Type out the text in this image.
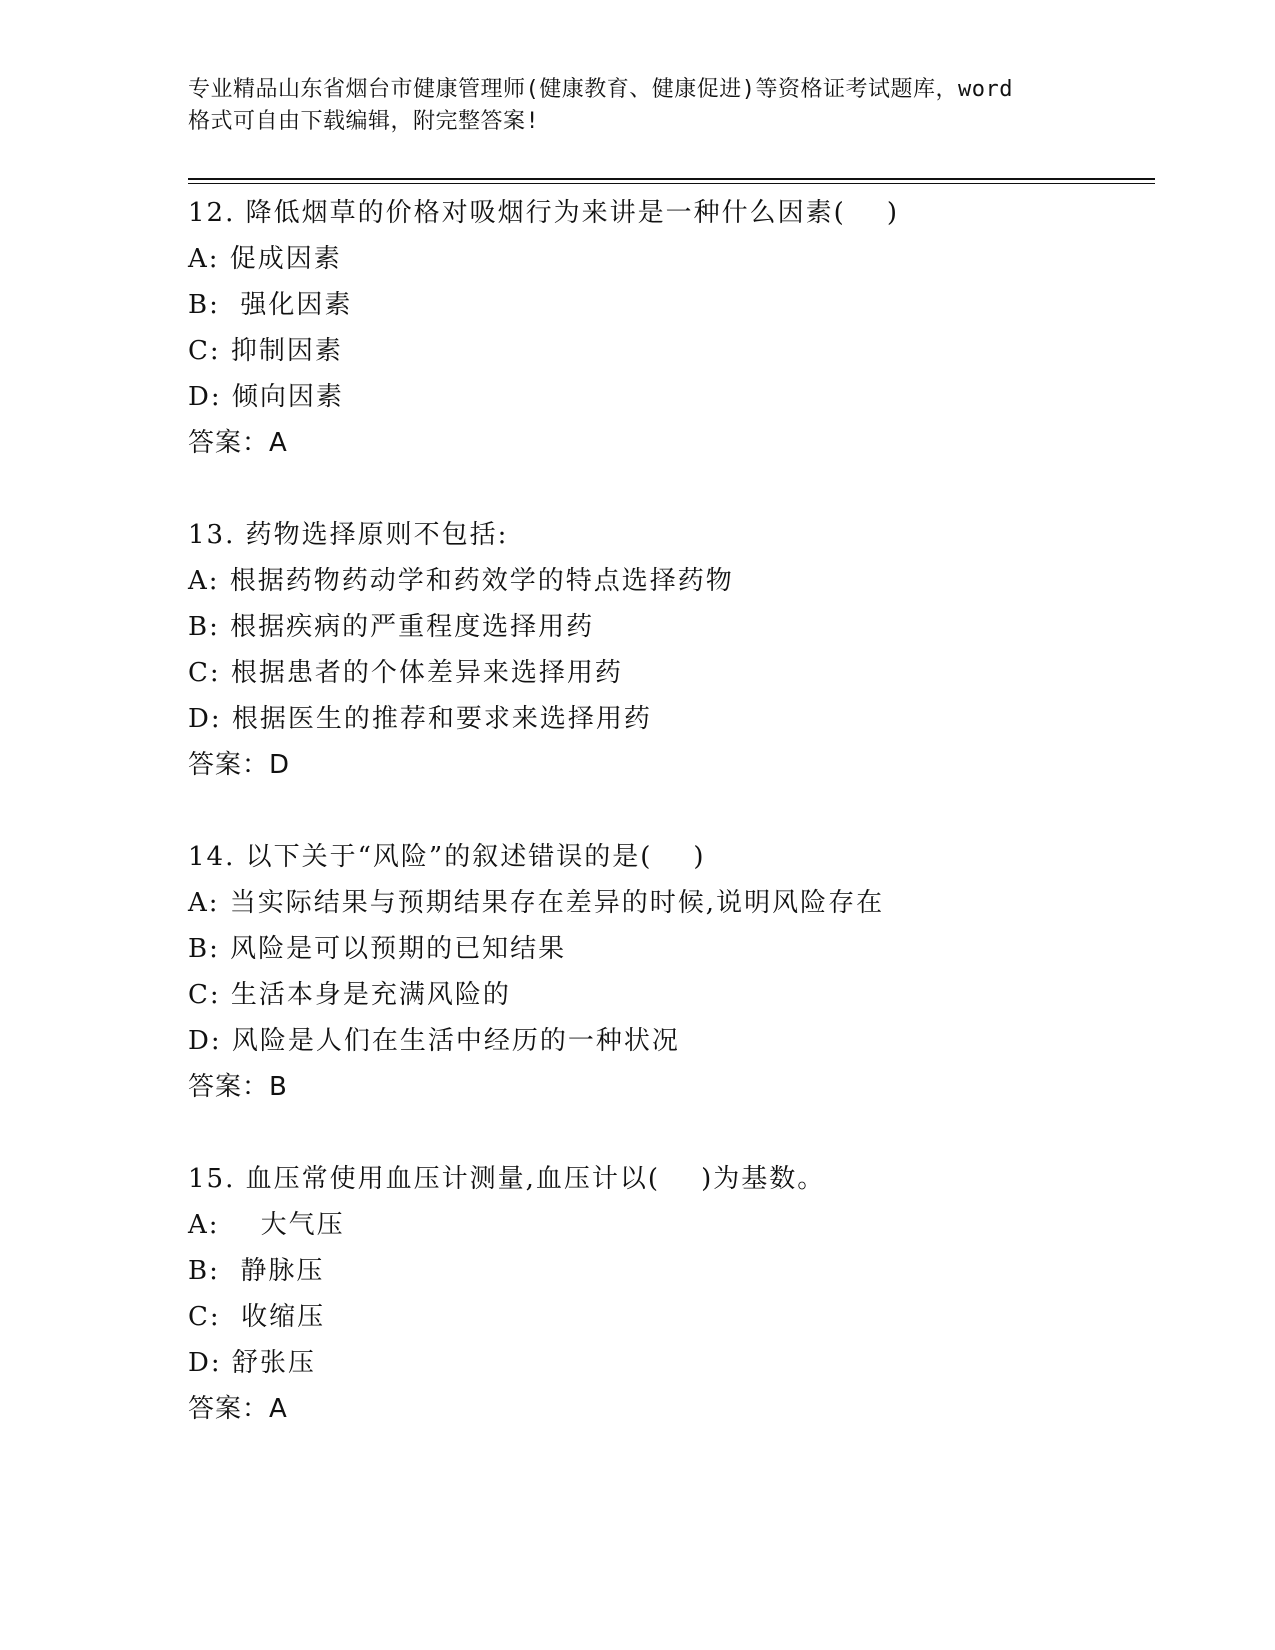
专业精品山东省烟台市健康管理师(健康教育、健康促进)等资格证考试题库，word
格式可自由下载编辑，附完整答案!
12. 降低烟草的价格对吸烟行为来讲是一种什么因素(    )
A: 促成因素
B:  强化因素
C: 抑制因素
D: 倾向因素
答案：A
13. 药物选择原则不包括:
A: 根据药物药动学和药效学的特点选择药物
B: 根据疾病的严重程度选择用药
C: 根据患者的个体差异来选择用药
D: 根据医生的推荐和要求来选择用药
答案：D
14. 以下关于“风险”的叙述错误的是(    )
A: 当实际结果与预期结果存在差异的时候,说明风险存在
B: 风险是可以预期的已知结果
C: 生活本身是充满风险的
D: 风险是人们在生活中经历的一种状况
答案：B
15. 血压常使用血压计测量,血压计以(    )为基数。
A:    大气压
B:  静脉压
C:  收缩压
D: 舒张压
答案：A
